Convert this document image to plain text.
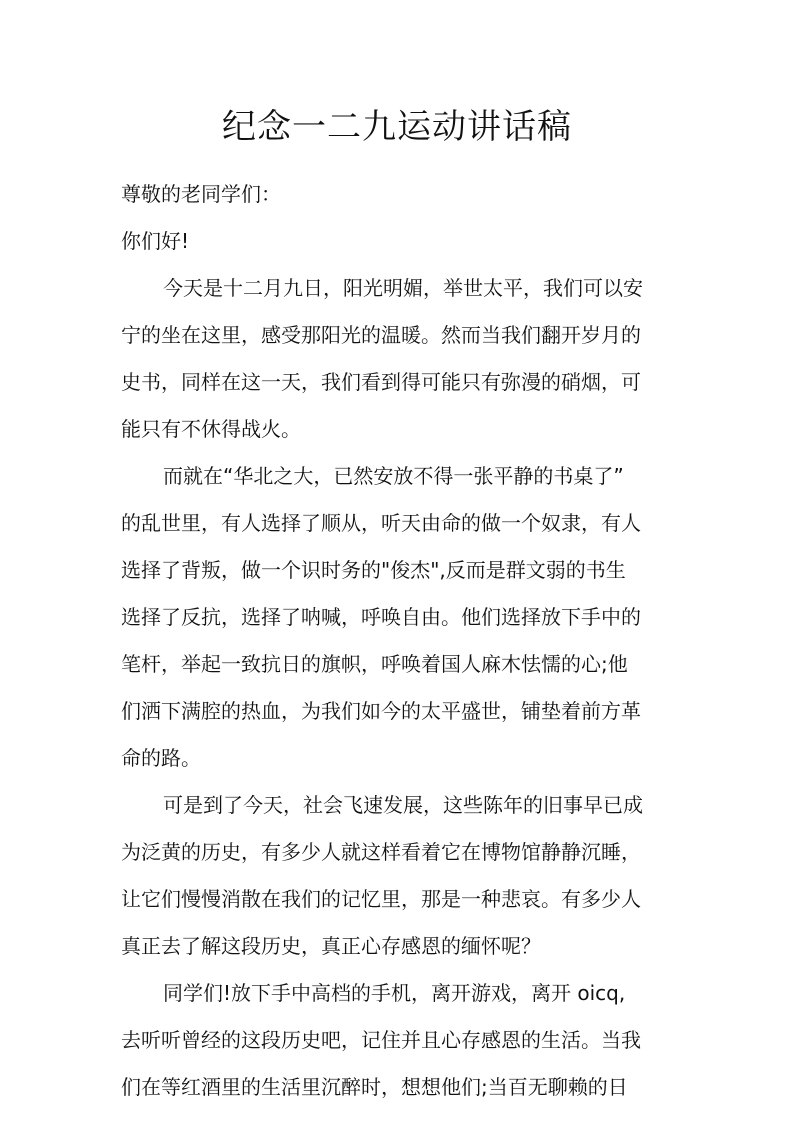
纪念一二九运动讲话稿
尊敬的老同学们：
你们好!
今天是十二月九日，阳光明媚，举世太平，我们可以安
宁的坐在这里，感受那阳光的温暖。然而当我们翻开岁月的
史书，同样在这一天，我们看到得可能只有弥漫的硝烟，可
能只有不休得战火。
而就在“华北之大，已然安放不得一张平静的书桌了”
的乱世里，有人选择了顺从，听天由命的做一个奴隶，有人
选择了背叛，做一个识时务的"俊杰",反而是群文弱的书生
选择了反抗，选择了呐喊，呼唤自由。他们选择放下手中的
笔杆，举起一致抗日的旗帜，呼唤着国人麻木怯懦的心;他
们洒下满腔的热血，为我们如今的太平盛世，铺垫着前方革
命的路。
可是到了今天，社会飞速发展，这些陈年的旧事早已成
为泛黄的历史，有多少人就这样看着它在博物馆静静沉睡，
让它们慢慢消散在我们的记忆里，那是一种悲哀。有多少人
真正去了解这段历史，真正心存感恩的缅怀呢？
同学们!放下手中高档的手机，离开游戏，离开 oicq,
去听听曾经的这段历史吧，记住并且心存感恩的生活。当我
们在等红酒里的生活里沉醉时，想想他们;当百无聊赖的日
